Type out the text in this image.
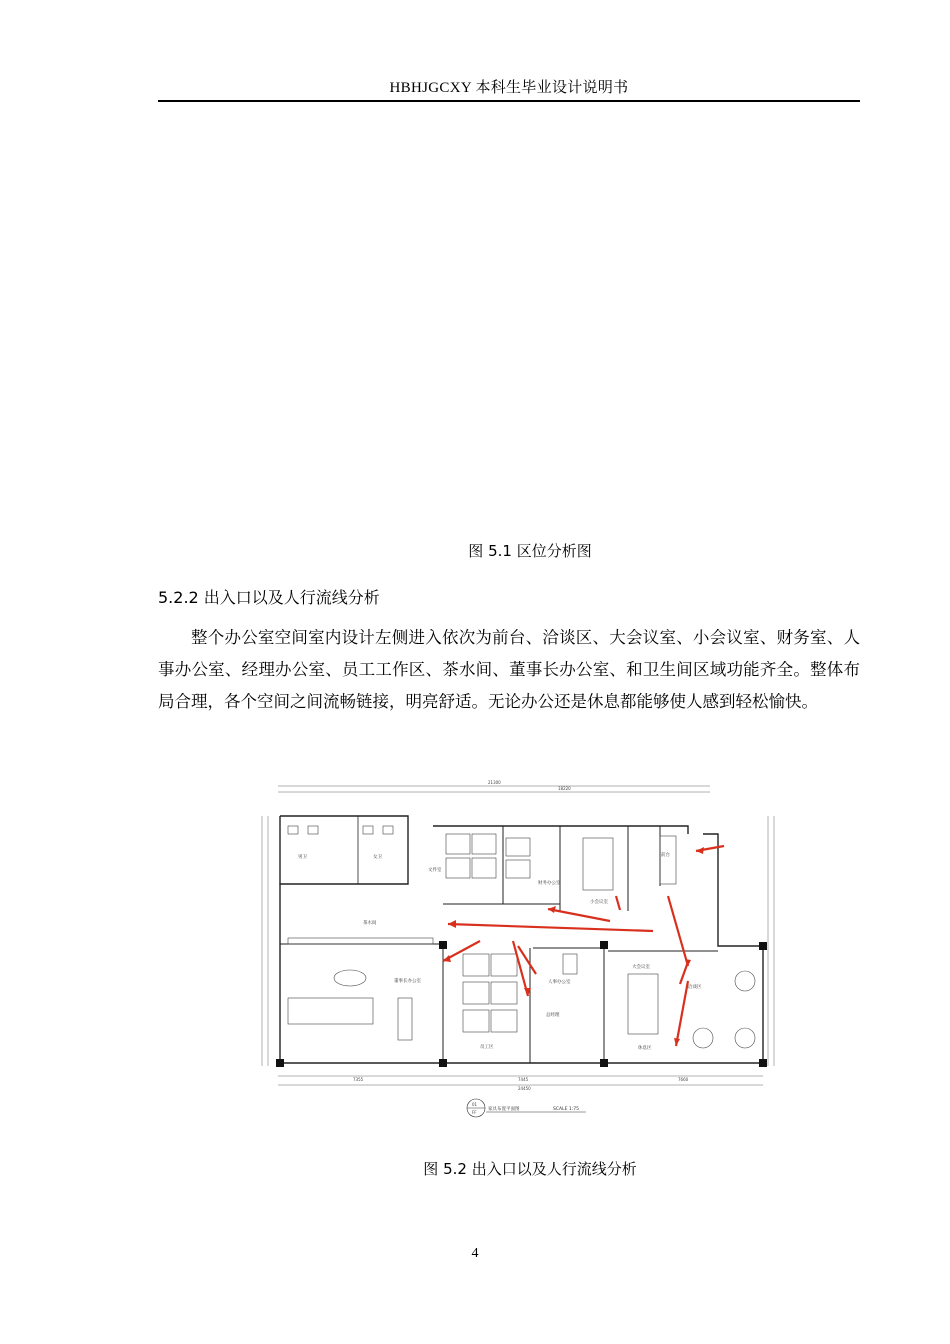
HBHJGCXY 本科生毕业设计说明书
图 5.1 区位分析图
5.2.2 出入口以及人行流线分析
整个办公室空间室内设计左侧进入依次为前台、洽谈区、大会议室、小会议室、财务室、人事办公室、经理办公室、员工工作区、茶水间、董事长办公室、和卫生间区域功能齐全。整体布局合理，各个空间之间流畅链接，明亮舒适。无论办公还是休息都能够使人感到轻松愉快。
21300
18220
男卫	女卫
文件室
财务办公室
小会议室
前台
茶水间
董事长办公室
员工区
人事办公室
总经理
大会议室
休息区
洽谈区
7355	7445	7660
24450
01
FF
家具布置平面图	SCALE 1:75
图 5.2 出入口以及人行流线分析
4
